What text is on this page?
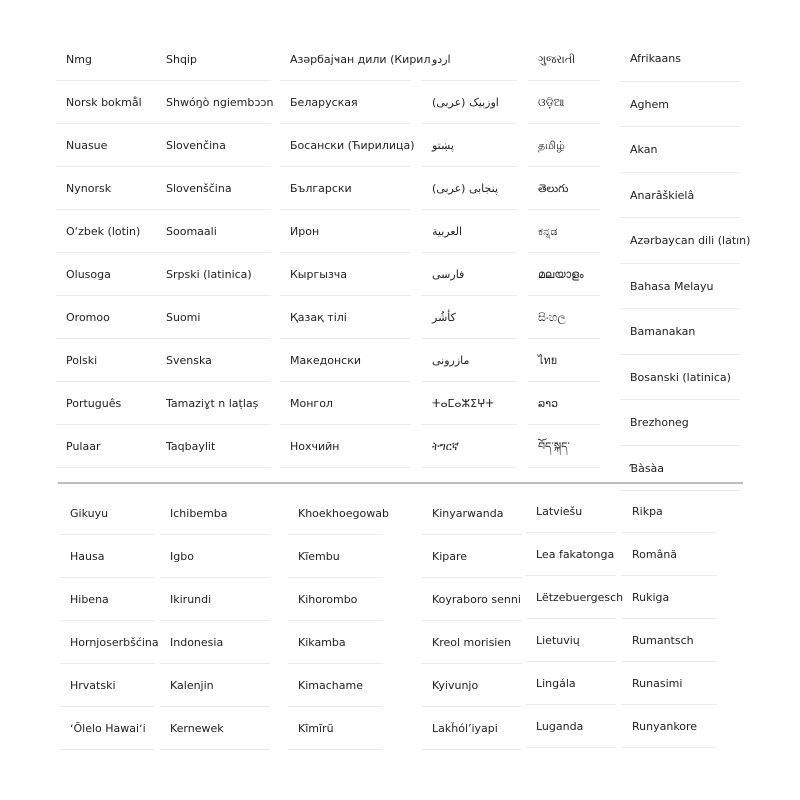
Nmg
Norsk bokmål
Nuasue
Nynorsk
O‘zbek (lotin)
Olusoga
Oromoo
Polski
Português
Pulaar
Shqip
Shwóŋò ngiembɔɔn
Slovenčina
Slovenščina
Soomaali
Srpski (latinica)
Suomi
Svenska
Tamaziɣt n laṭlaṣ
Taqbaylit
Азәрбајҹан дили (Кирил
Беларуская
Босански (Ћирилица)
Български
Ирон
Кыргызча
Қазақ тілі
Македонски
Монгол
Нохчийн
اردو
اوزبیک (عربی)
پښتو
پنجابی (عربی)
العربية
فارسی
کأشُر
مازرونی
ⵜⴰⵎⴰⵣⵉⵖⵜ
ትግርኛ
ગુજરાતી
ଓଡ଼ିଆ
தமிழ்
తెలుగు
ಕನ್ನಡ
മലയാളം
සිංහල
ไทย
ລາວ
བོད་སྐད་
Afrikaans
Aghem
Akan
Anarâškielâ
Azərbaycan dili (latın)
Bahasa Melayu
Bamanakan
Bosanski (latinica)
Brezhoneg
Ɓàsàa
Gikuyu
Hausa
Hibena
Hornjoserbšćina
Hrvatski
ʻŌlelo Hawaiʻi
Ichibemba
Igbo
Ikirundi
Indonesia
Kalenjin
Kernewek
Khoekhoegowab
Kĩembu
Kihorombo
Kikamba
Kimachame
Kĩmĩrũ
Kinyarwanda
Kipare
Koyraboro senni
Kreol morisien
Kyivunjo
Lakȟól’iyapi
Latviešu
Lea fakatonga
Lëtzebuergesch
Lietuvių
Lingála
Luganda
Rikpa
Română
Rukiga
Rumantsch
Runasimi
Runyankore
